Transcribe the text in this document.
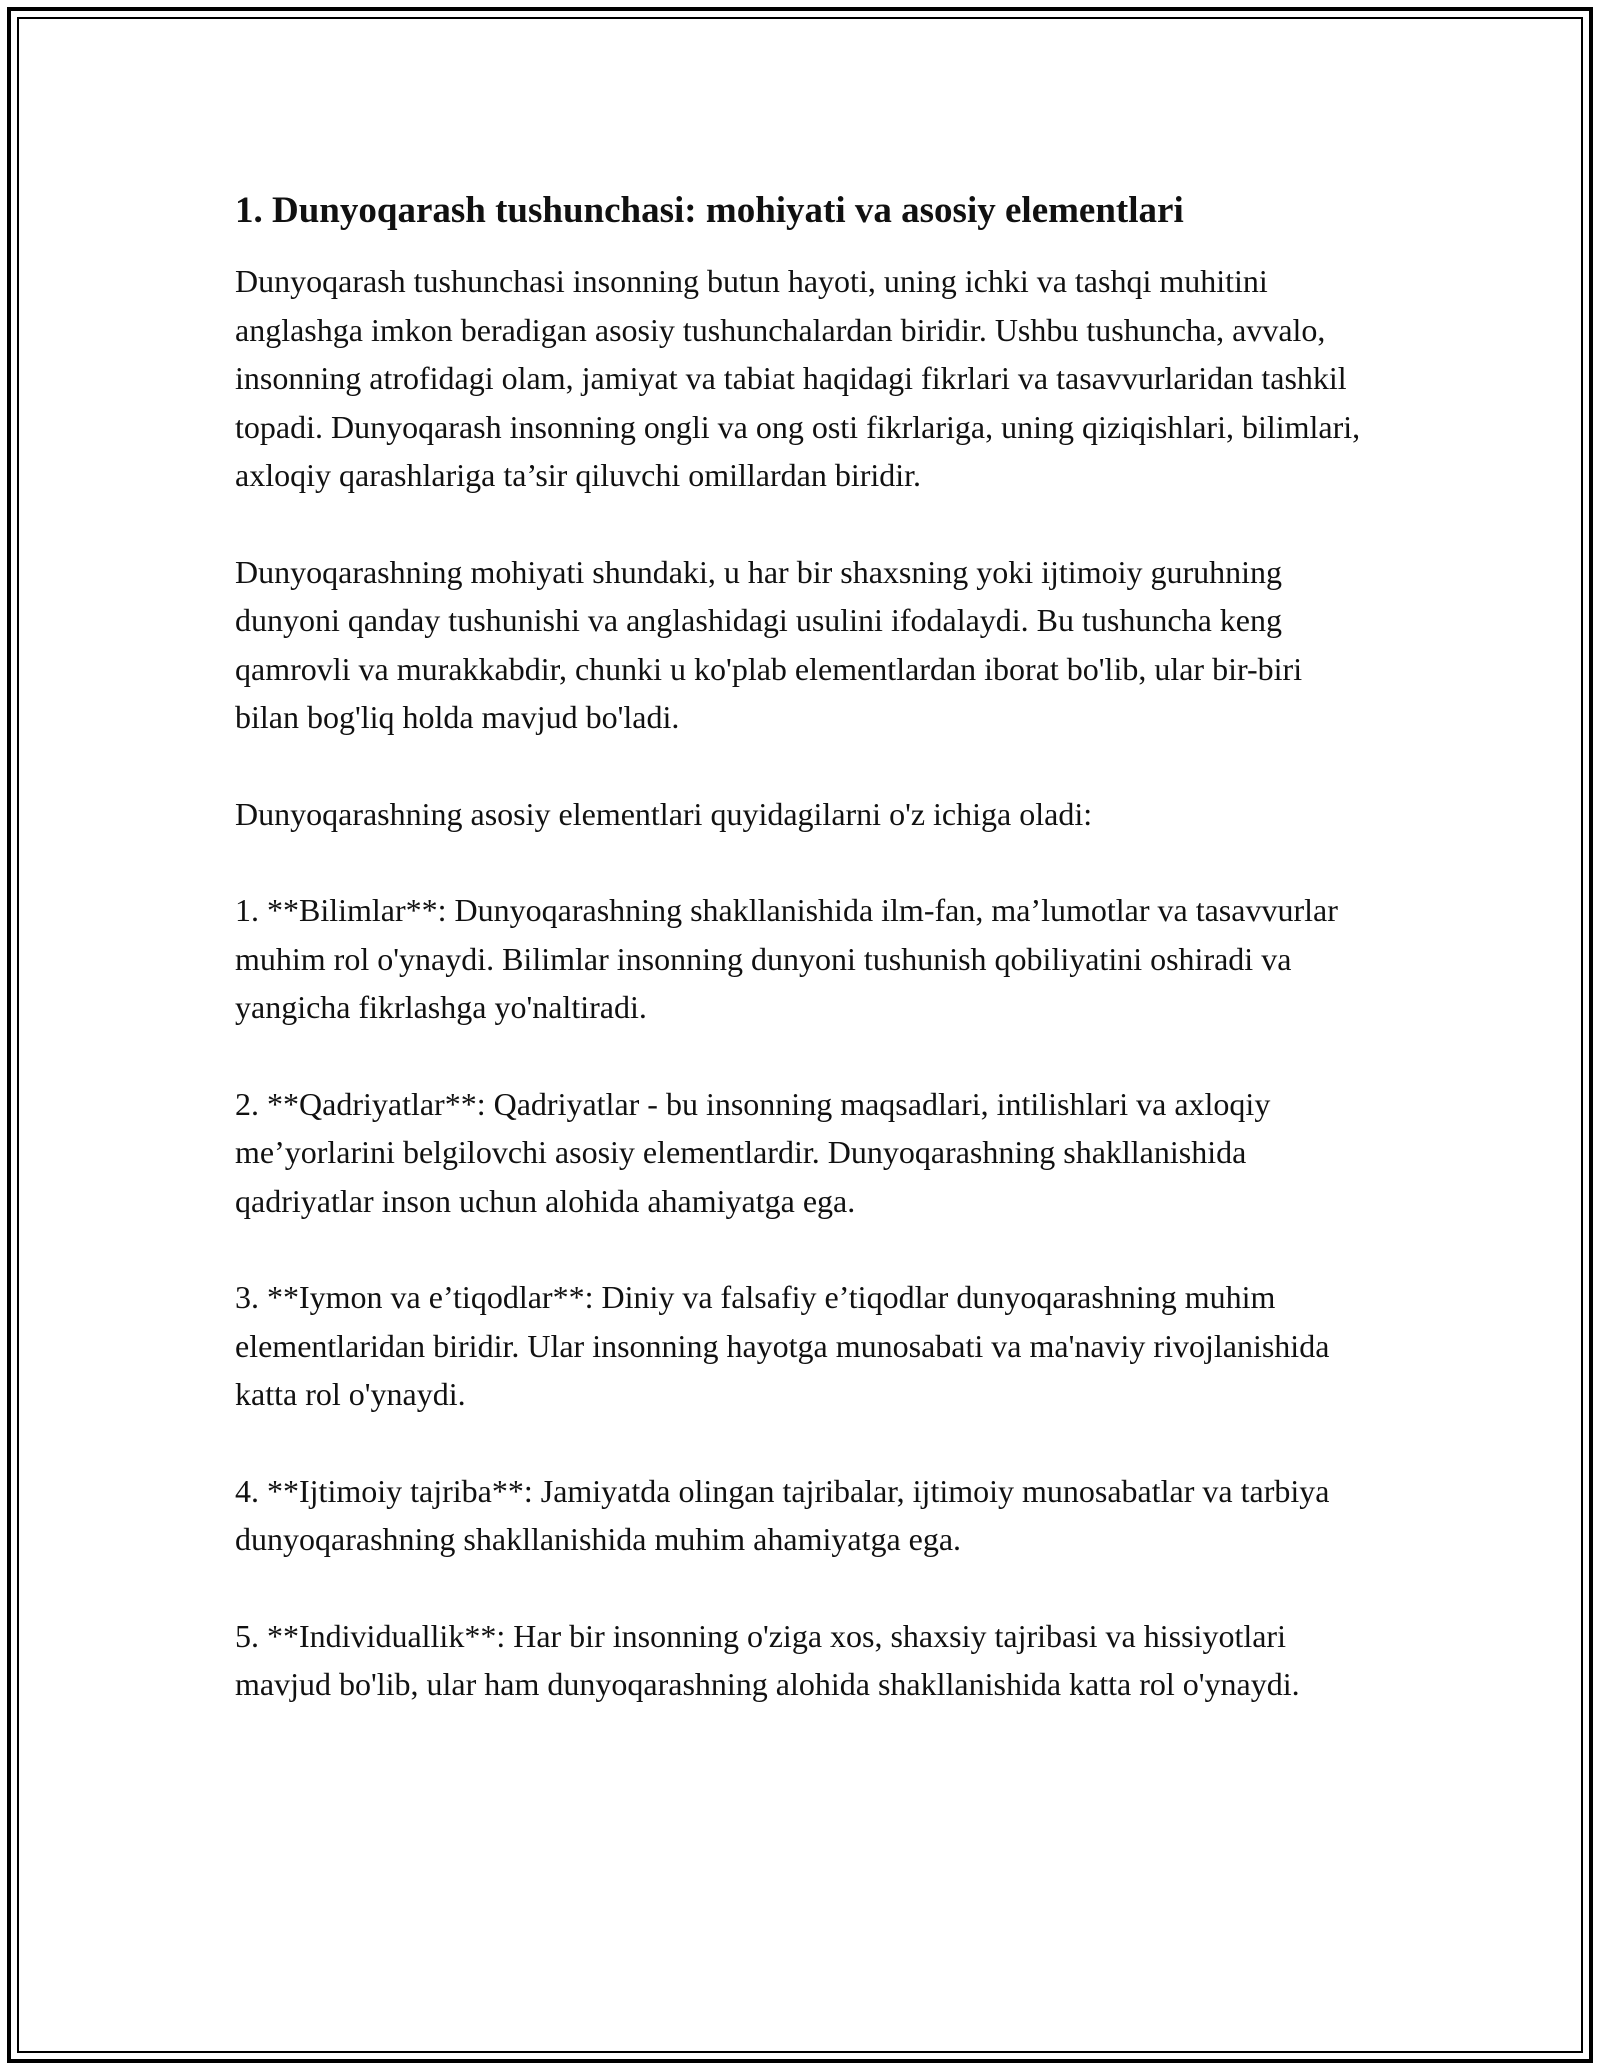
1. Dunyoqarash tushunchasi: mohiyati va asosiy elementlari

Dunyoqarash tushunchasi insonning butun hayoti, uning ichki va tashqi muhitini anglashga imkon beradigan asosiy tushunchalardan biridir. Ushbu tushuncha, avvalo, insonning atrofidagi olam, jamiyat va tabiat haqidagi fikrlari va tasavvurlaridan tashkil topadi. Dunyoqarash insonning ongli va ong osti fikrlariga, uning qiziqishlari, bilimlari, axloqiy qarashlariga ta’sir qiluvchi omillardan biridir.

Dunyoqarashning mohiyati shundaki, u har bir shaxsning yoki ijtimoiy guruhning dunyoni qanday tushunishi va anglashidagi usulini ifodalaydi. Bu tushuncha keng qamrovli va murakkabdir, chunki u ko'plab elementlardan iborat bo'lib, ular bir-biri bilan bog'liq holda mavjud bo'ladi.

Dunyoqarashning asosiy elementlari quyidagilarni o'z ichiga oladi:

1. **Bilimlar**: Dunyoqarashning shakllanishida ilm-fan, ma’lumotlar va tasavvurlar muhim rol o'ynaydi. Bilimlar insonning dunyoni tushunish qobiliyatini oshiradi va yangicha fikrlashga yo'naltiradi.

2. **Qadriyatlar**: Qadriyatlar - bu insonning maqsadlari, intilishlari va axloqiy me’yorlarini belgilovchi asosiy elementlardir. Dunyoqarashning shakllanishida qadriyatlar inson uchun alohida ahamiyatga ega.

3. **Iymon va e’tiqodlar**: Diniy va falsafiy e’tiqodlar dunyoqarashning muhim elementlaridan biridir. Ular insonning hayotga munosabati va ma'naviy rivojlanishida katta rol o'ynaydi.

4. **Ijtimoiy tajriba**: Jamiyatda olingan tajribalar, ijtimoiy munosabatlar va tarbiya dunyoqarashning shakllanishida muhim ahamiyatga ega.

5. **Individuallik**: Har bir insonning o'ziga xos, shaxsiy tajribasi va hissiyotlari mavjud bo'lib, ular ham dunyoqarashning alohida shakllanishida katta rol o'ynaydi.
